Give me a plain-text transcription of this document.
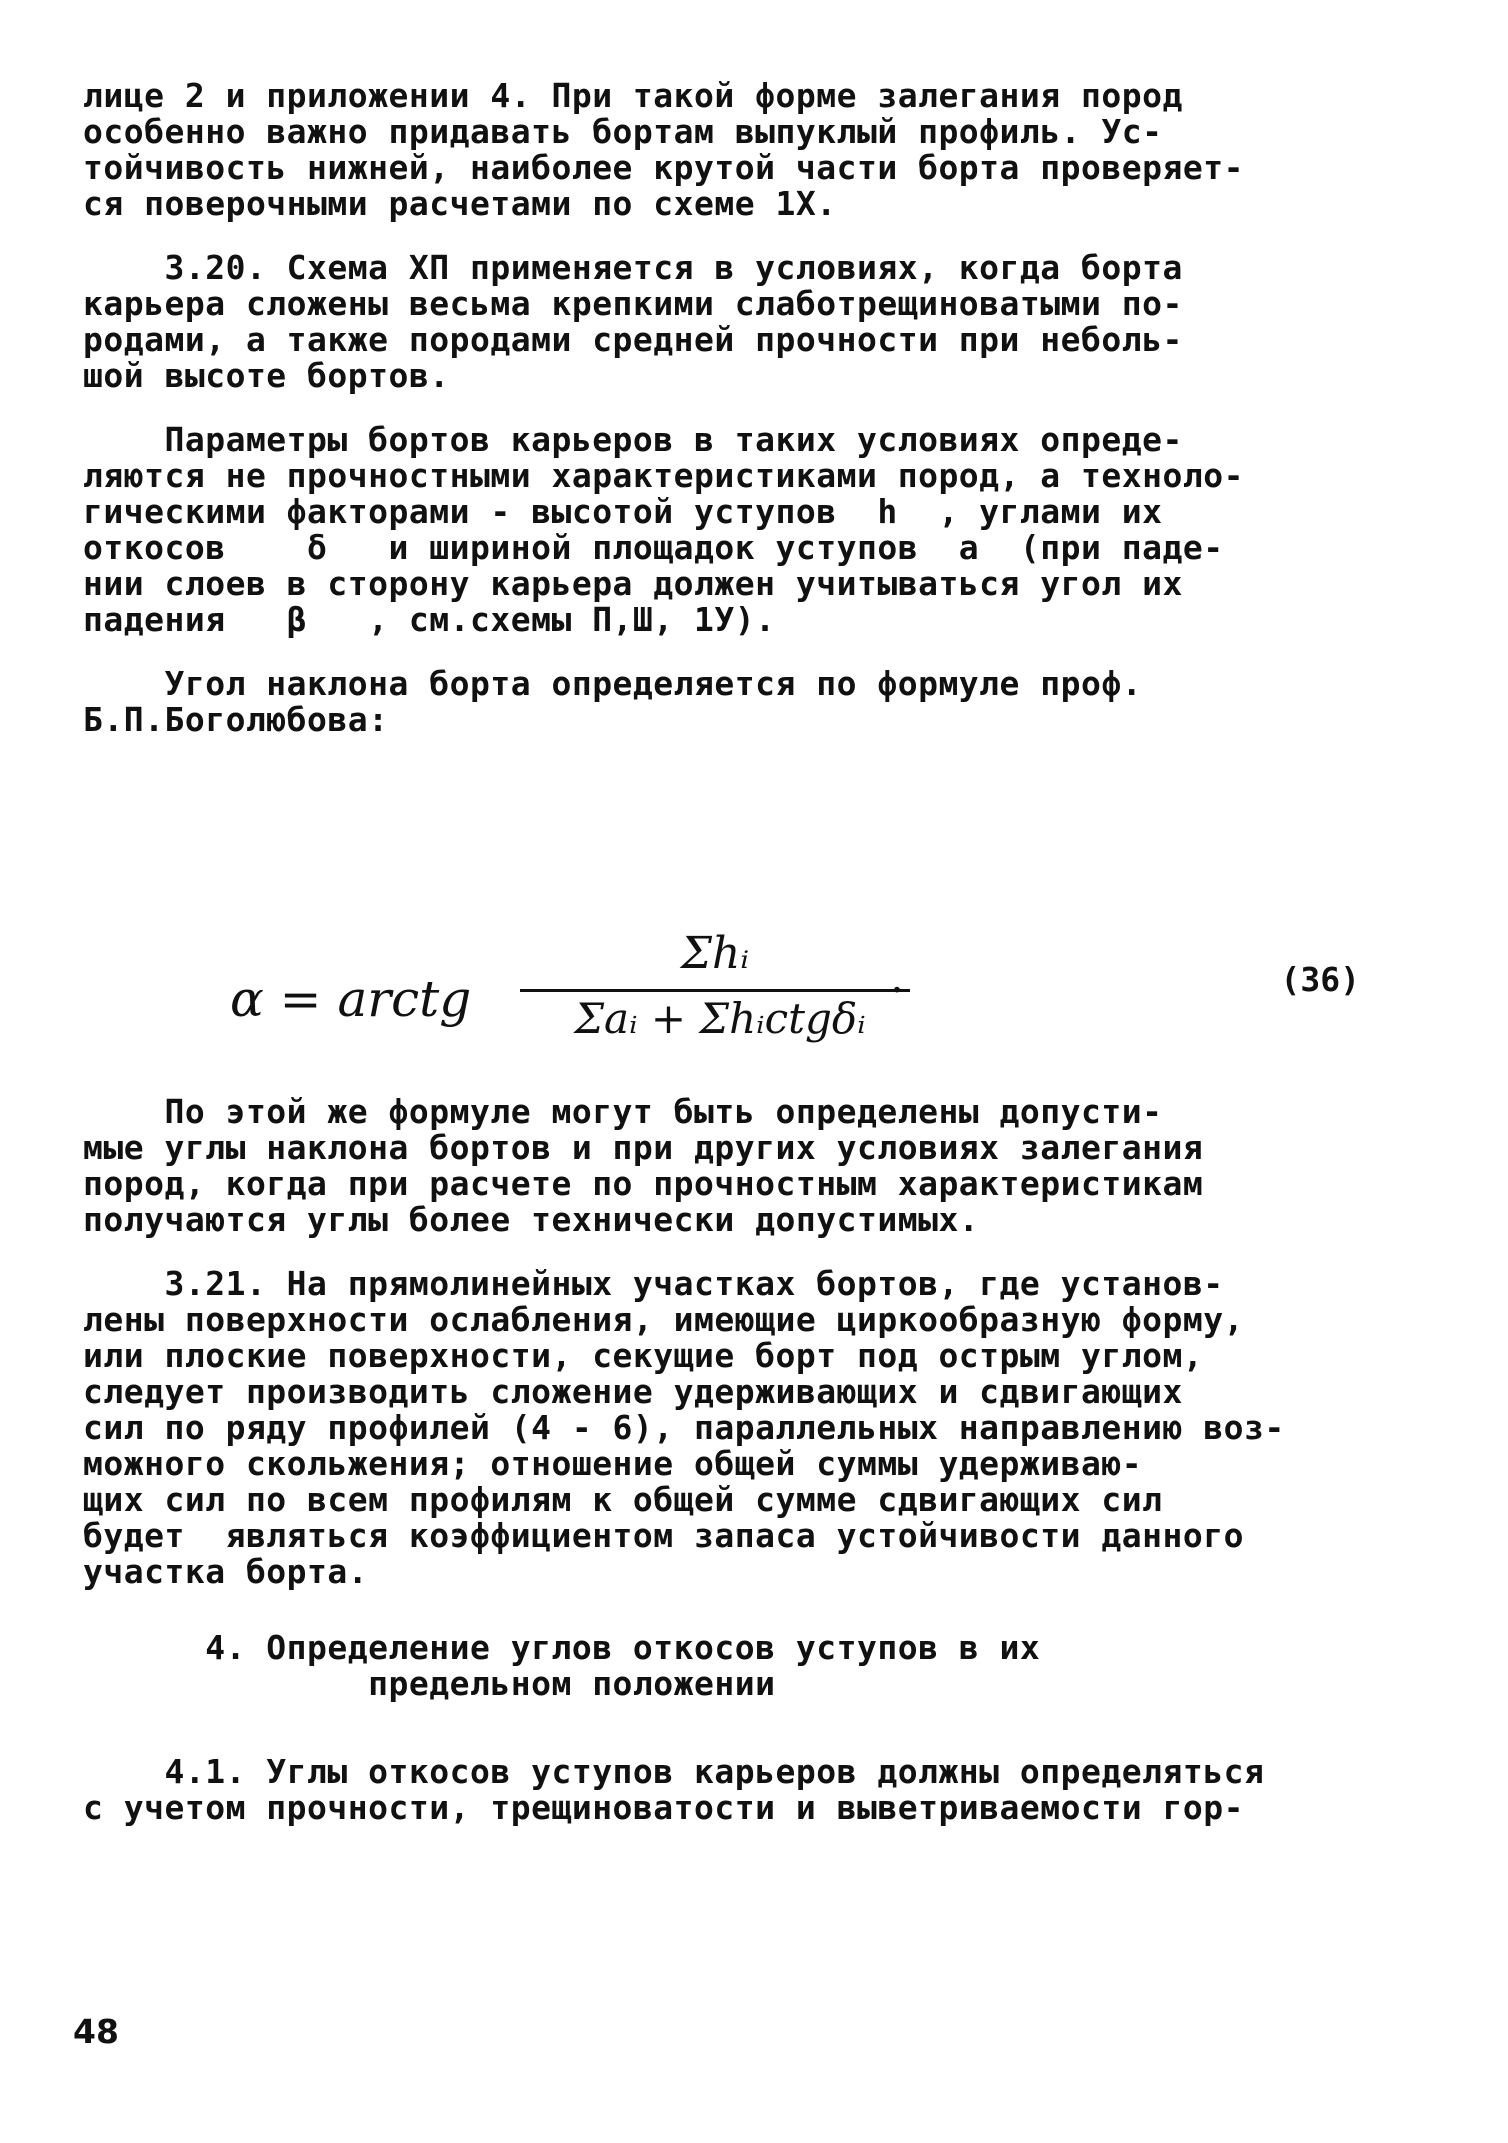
лице 2 и приложении 4. При такой форме залегания пород

особенно важно придавать бортам выпуклый профиль. Ус-

тойчивость нижней, наиболее крутой части борта проверяет-

ся поверочными расчетами по схеме 1Х.

3.20. Схема ХП применяется в условиях, когда борта

карьера сложены весьма крепкими слаботрещиноватыми по-

родами, а также породами средней прочности при неболь-

шой высоте бортов.

Параметры бортов карьеров в таких условиях опреде-

ляются не прочностными характеристиками пород, а техноло-

гическими факторами - высотой уступов  h  , углами их

откосов    δ   и шириной площадок уступов  a  (при паде-

нии слоев в сторону карьера должен учитываться угол их

падения   β   , см.схемы П,Ш, 1У).

Угол наклона борта определяется по формуле проф.

Б.П.Боголюбова:

α = arctg
Σhᵢ
Σaᵢ + Σhᵢctgδᵢ
.	(36)

По этой же формуле могут быть определены допусти-

мые углы наклона бортов и при других условиях залегания

пород, когда при расчете по прочностным характеристикам

получаются углы более технически допустимых.

3.21. На прямолинейных участках бортов, где установ-

лены поверхности ослабления, имеющие циркообразную форму,

или плоские поверхности, секущие борт под острым углом,

следует производить сложение удерживающих и сдвигающих

сил по ряду профилей (4 - 6), параллельных направлению воз-

можного скольжения; отношение общей суммы удерживаю-

щих сил по всем профилям к общей сумме сдвигающих сил

будет  являться коэффициентом запаса устойчивости данного

участка борта.

4. Определение углов откосов уступов в их

предельном положении

4.1. Углы откосов уступов карьеров должны определяться

с учетом прочности, трещиноватости и выветриваемости гор-

48
